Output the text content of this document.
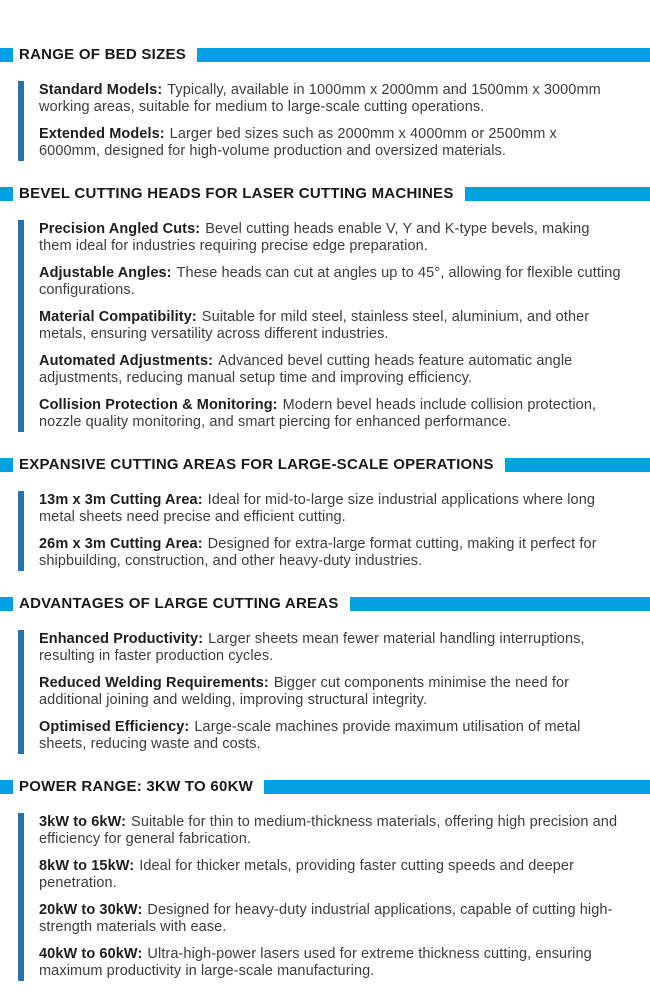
RANGE OF BED SIZES

Standard Models: Typically, available in 1000mm x 2000mm and 1500mm x 3000mm working areas, suitable for medium to large-scale cutting operations.

Extended Models: Larger bed sizes such as 2000mm x 4000mm or 2500mm x 6000mm, designed for high-volume production and oversized materials.

BEVEL CUTTING HEADS FOR LASER CUTTING MACHINES

Precision Angled Cuts: Bevel cutting heads enable V, Y and K-type bevels, making them ideal for industries requiring precise edge preparation.

Adjustable Angles: These heads can cut at angles up to 45°, allowing for flexible cutting configurations.

Material Compatibility: Suitable for mild steel, stainless steel, aluminium, and other metals, ensuring versatility across different industries.

Automated Adjustments: Advanced bevel cutting heads feature automatic angle adjustments, reducing manual setup time and improving efficiency.

Collision Protection & Monitoring: Modern bevel heads include collision protection, nozzle quality monitoring, and smart piercing for enhanced performance.

EXPANSIVE CUTTING AREAS FOR LARGE-SCALE OPERATIONS

13m x 3m Cutting Area: Ideal for mid-to-large size industrial applications where long metal sheets need precise and efficient cutting.

26m x 3m Cutting Area: Designed for extra-large format cutting, making it perfect for shipbuilding, construction, and other heavy-duty industries.

ADVANTAGES OF LARGE CUTTING AREAS

Enhanced Productivity: Larger sheets mean fewer material handling interruptions, resulting in faster production cycles.

Reduced Welding Requirements: Bigger cut components minimise the need for additional joining and welding, improving structural integrity.

Optimised Efficiency: Large-scale machines provide maximum utilisation of metal sheets, reducing waste and costs.

POWER RANGE: 3KW TO 60KW

3kW to 6kW: Suitable for thin to medium-thickness materials, offering high precision and efficiency for general fabrication.

8kW to 15kW: Ideal for thicker metals, providing faster cutting speeds and deeper penetration.

20kW to 30kW: Designed for heavy-duty industrial applications, capable of cutting high-strength materials with ease.

40kW to 60kW: Ultra-high-power lasers used for extreme thickness cutting, ensuring maximum productivity in large-scale manufacturing.
